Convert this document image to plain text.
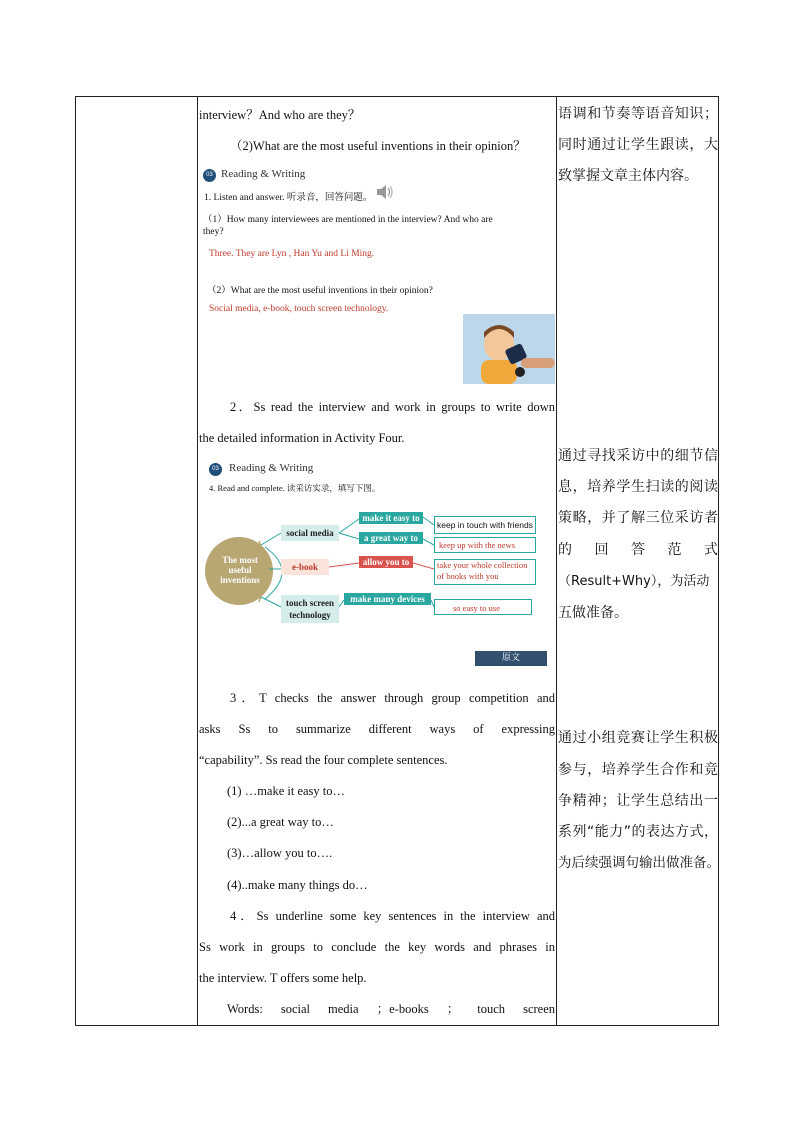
interview？And who are they？
（2)What are the most useful inventions in their opinion？
03 Reading & Writing
1. Listen and answer. 听录音，回答问题。
（1）How many interviewees are mentioned in the interview? And who are
they?
Three. They are Lyn , Han Yu and Li Ming.
（2）What are the most useful inventions in their opinion?
Social media, e-book, touch screen technology.
2．Ss read the interview and work in groups to write down
the detailed information in Activity Four.
03 Reading & Writing
4. Read and complete. 读采访实录，填写下图。
The most useful inventions
social media
e-book
touch screen technology
make it easy to
a great way to
allow you to
make many devices
keep in touch with friends
keep up with the news
take your whole collection of books with you
so easy to use
原文
3．T checks the answer through group competition and
asks Ss to summarize different ways of expressing
“capability”. Ss read the four complete sentences.
(1) …make it easy to…
(2)...a great way to…
(3)…allow you to….
(4)..make many things do…
4．Ss underline some key sentences in the interview and
Ss work in groups to conclude the key words and phrases in
the interview. T offers some help.
Words: social media ；e-books ； touch screen
语调和节奏等语音知识；
同时通过让学生跟读，大
致掌握文章主体内容。
通过寻找采访中的细节信
息，培养学生扫读的阅读
策略，并了解三位采访者
的　回　答　范　式
（Result+Why），为活动
五做准备。
通过小组竞赛让学生积极
参与，培养学生合作和竞
争精神；让学生总结出一
系列“能力”的表达方式，
为后续强调句输出做准备。
